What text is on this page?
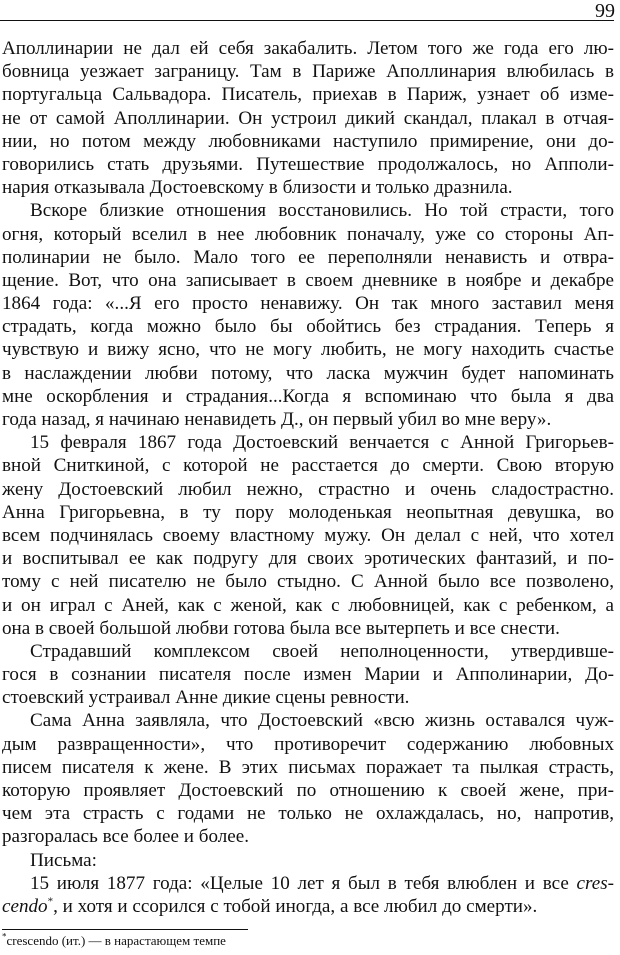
99
Аполлинарии не дал ей себя закабалить. Летом того же года его лю-
бовница уезжает заграницу. Там в Париже Аполлинария влюбилась в
португальца Сальвадора. Писатель, приехав в Париж, узнает об изме-
не от самой Аполлинарии. Он устроил дикий скандал, плакал в отчая-
нии, но потом между любовниками наступило примирение, они до-
говорились стать друзьями. Путешествие продолжалось, но Апполи-
нария отказывала Достоевскому в близости и только дразнила.
Вскоре близкие отношения восстановились. Но той страсти, того
огня, который вселил в нее любовник поначалу, уже со стороны Ап-
полинарии не было. Мало того ее переполняли ненависть и отвра-
щение. Вот, что она записывает в своем дневнике в ноябре и декабре
1864 года: «...Я его просто ненавижу. Он так много заставил меня
страдать, когда можно было бы обойтись без страдания. Теперь я
чувствую и вижу ясно, что не могу любить, не могу находить счастье
в наслаждении любви потому, что ласка мужчин будет напоминать
мне оскорбления и страдания...Когда я вспоминаю что была я два
года назад, я начинаю ненавидеть Д., он первый убил во мне веру».
15 февраля 1867 года Достоевский венчается с Анной Григорьев-
вной Сниткиной, с которой не расстается до смерти. Свою вторую
жену Достоевский любил нежно, страстно и очень сладострастно.
Анна Григорьевна, в ту пору молоденькая неопытная девушка, во
всем подчинялась своему властному мужу. Он делал с ней, что хотел
и воспитывал ее как подругу для своих эротических фантазий, и по-
тому с ней писателю не было стыдно. С Анной было все позволено,
и он играл с Аней, как с женой, как с любовницей, как с ребенком, а
она в своей большой любви готова была все вытерпеть и все снести.
Страдавший комплексом своей неполноценности, утвердивше-
гося в сознании писателя после измен Марии и Апполинарии, До-
стоевский устраивал Анне дикие сцены ревности.
Сама Анна заявляла, что Достоевский «всю жизнь оставался чуж-
дым развращенности», что противоречит содержанию любовных
писем писателя к жене. В этих письмах поражает та пылкая страсть,
которую проявляет Достоевский по отношению к своей жене, при-
чем эта страсть с годами не только не охлаждалась, но, напротив,
разгоралась все более и более.
Письма:
15 июля 1877 года: «Целые 10 лет я был в тебя влюблен и все cres-
cendo*, и хотя и ссорился с тобой иногда, а все любил до смерти».
*crescendo (ит.) — в нарастающем темпе
